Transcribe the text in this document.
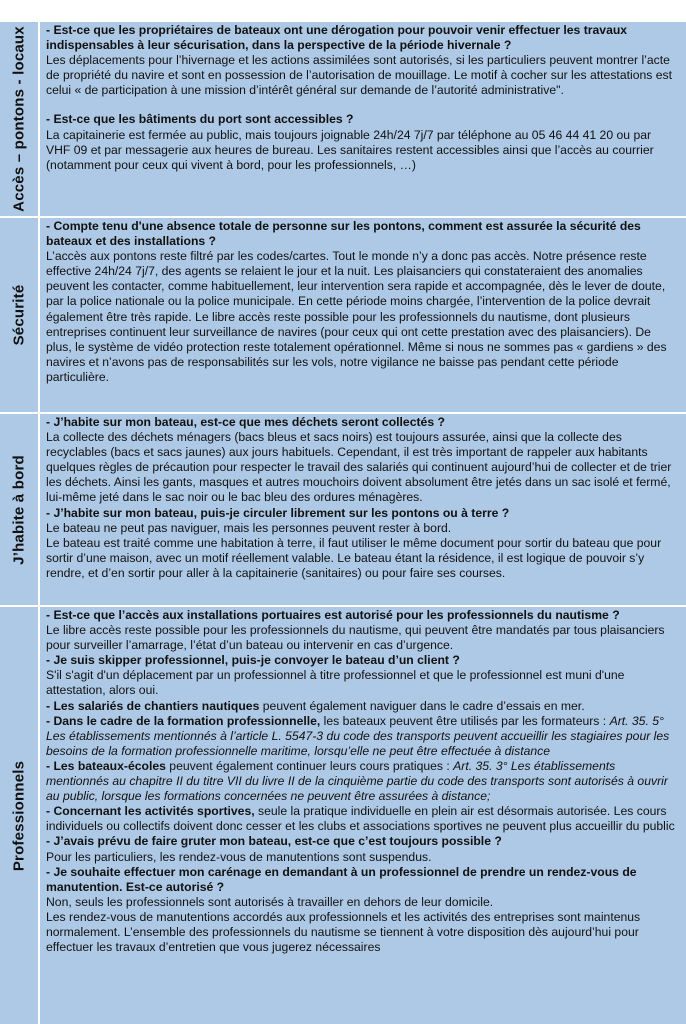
Accès – pontons - locaux - Est-ce que les propriétaires de bateaux ont une dérogation pour pouvoir venir effectuer les travaux indispensables à leur sécurisation, dans la perspective de la période hivernale ?

Les déplacements pour l’hivernage et les actions assimilées sont autorisés, si les particuliers peuvent montrer l’acte de propriété du navire et sont en possession de l’autorisation de mouillage. Le motif à cocher sur les attestations est celui « de participation à une mission d’intérêt général sur demande de l’autorité administrative".

- Est-ce que les bâtiments du port sont accessibles ?

La capitainerie est fermée au public, mais toujours joignable 24h/24 7j/7 par téléphone au 05 46 44 41 20 ou par VHF 09 et par messagerie aux heures de bureau. Les sanitaires restent accessibles ainsi que l’accès au courrier (notamment pour ceux qui vivent à bord, pour les professionnels, …)

Sécurité

- Compte tenu d'une absence totale de personne sur les pontons, comment est assurée la sécurité des bateaux et des installations ?

L’accès aux pontons reste filtré par les codes/cartes. Tout le monde n’y a donc pas accès. Notre présence reste effective 24h/24 7j/7, des agents se relaient le jour et la nuit. Les plaisanciers qui constateraient des anomalies peuvent les contacter, comme habituellement, leur intervention sera rapide et accompagnée, dès le lever de doute, par la police nationale ou la police municipale. En cette période moins chargée, l’intervention de la police devrait également être très rapide. Le libre accès reste possible pour les professionnels du nautisme, dont plusieurs entreprises continuent leur surveillance de navires (pour ceux qui ont cette prestation avec des plaisanciers). De plus, le système de vidéo protection reste totalement opérationnel. Même si nous ne sommes pas « gardiens » des navires et n’avons pas de responsabilités sur les vols, notre vigilance ne baisse pas pendant cette période particulière.

J’habite à bord

- J’habite sur mon bateau, est-ce que mes déchets seront collectés ?

La collecte des déchets ménagers (bacs bleus et sacs noirs) est toujours assurée, ainsi que la collecte des recyclables (bacs et sacs jaunes) aux jours habituels. Cependant, il est très important de rappeler aux habitants quelques règles de précaution pour respecter le travail des salariés qui continuent aujourd’hui de collecter et de trier les déchets. Ainsi les gants, masques et autres mouchoirs doivent absolument être jetés dans un sac isolé et fermé, lui-même jeté dans le sac noir ou le bac bleu des ordures ménagères.

- J’habite sur mon bateau, puis-je circuler librement sur les pontons ou à terre ?

Le bateau ne peut pas naviguer, mais les personnes peuvent rester à bord.

Le bateau est traité comme une habitation à terre, il faut utiliser le même document pour sortir du bateau que pour sortir d’une maison, avec un motif réellement valable. Le bateau étant la résidence, il est logique de pouvoir s’y rendre, et d’en sortir pour aller à la capitainerie (sanitaires) ou pour faire ses courses.

Professionnels

- Est-ce que l’accès aux installations portuaires est autorisé pour les professionnels du nautisme ?

Le libre accès reste possible pour les professionnels du nautisme, qui peuvent être mandatés par tous plaisanciers pour surveiller l’amarrage, l’état d’un bateau ou intervenir en cas d’urgence.

- Je suis skipper professionnel, puis-je convoyer le bateau d’un client ?

S'il s'agit d'un déplacement par un professionnel à titre professionnel et que le professionnel est muni d'une attestation, alors oui.

- Les salariés de chantiers nautiques peuvent également naviguer dans le cadre d’essais en mer.

- Dans le cadre de la formation professionnelle, les bateaux peuvent être utilisés par les formateurs : Art. 35. 5° Les établissements mentionnés à l’article L. 5547-3 du code des transports peuvent accueillir les stagiaires pour les besoins de la formation professionnelle maritime, lorsqu’elle ne peut être effectuée à distance

- Les bateaux-écoles peuvent également continuer leurs cours pratiques : Art. 35. 3° Les établissements mentionnés au chapitre II du titre VII du livre II de la cinquième partie du code des transports sont autorisés à ouvrir au public, lorsque les formations concernées ne peuvent être assurées à distance;

- Concernant les activités sportives, seule la pratique individuelle en plein air est désormais autorisée. Les cours individuels ou collectifs doivent donc cesser et les clubs et associations sportives ne peuvent plus accueillir du public

- J’avais prévu de faire gruter mon bateau, est-ce que c’est toujours possible ?

Pour les particuliers, les rendez-vous de manutentions sont suspendus.

- Je souhaite effectuer mon carénage en demandant à un professionnel de prendre un rendez-vous de manutention. Est-ce autorisé ?

Non, seuls les professionnels sont autorisés à travailler en dehors de leur domicile.

Les rendez-vous de manutentions accordés aux professionnels et les activités des entreprises sont maintenus normalement. L’ensemble des professionnels du nautisme se tiennent à votre disposition dès aujourd’hui pour effectuer les travaux d’entretien que vous jugerez nécessaires
